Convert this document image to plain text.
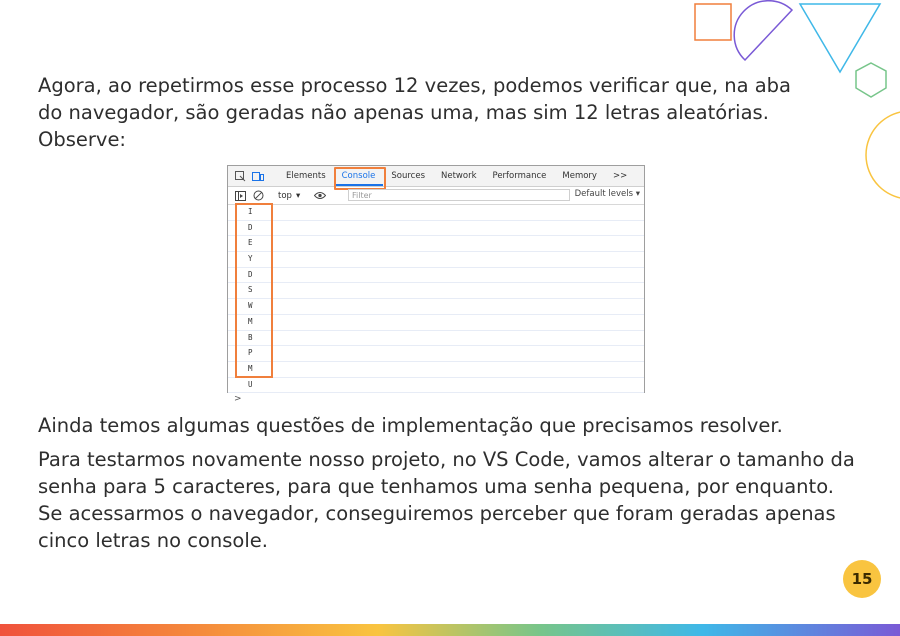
Agora, ao repetirmos esse processo 12 vezes, podemos verificar que, na aba do navegador, são geradas não apenas uma, mas sim 12 letras aleatórias. Observe:

Elements	Console	Sources	Network	Performance	Memory	>>
top ▾	Filter	Default levels ▾
I
D
E
Y
D
S
W
M
B
P
M
U
>

Ainda temos algumas questões de implementação que precisamos resolver.

Para testarmos novamente nosso projeto, no VS Code, vamos alterar o tamanho da senha para 5 caracteres, para que tenhamos uma senha pequena, por enquanto. Se acessarmos o navegador, conseguiremos perceber que foram geradas apenas cinco letras no console.

15
